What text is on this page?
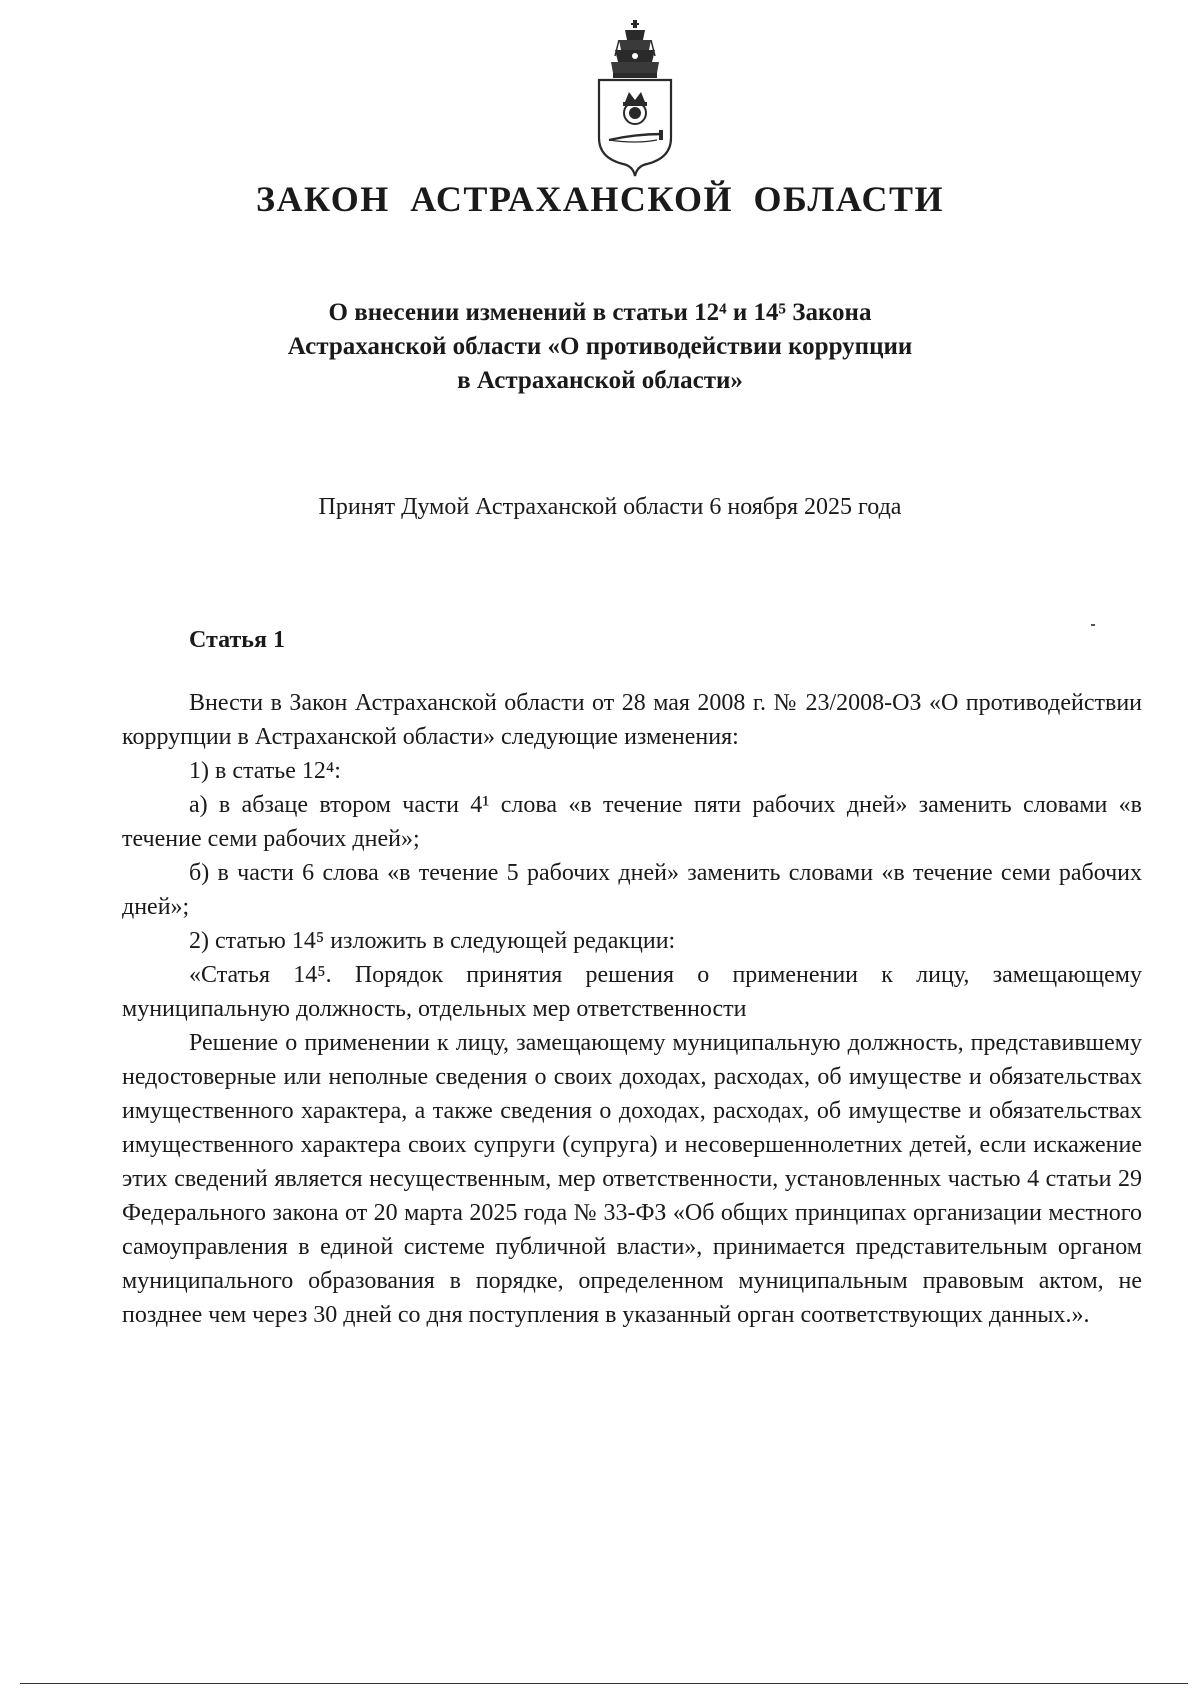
ЗАКОН АСТРАХАНСКОЙ ОБЛАСТИ
О внесении изменений в статьи 12⁴ и 14⁵ Закона
Астраханской области «О противодействии коррупции
в Астраханской области»
Принят Думой Астраханской области 6 ноября 2025 года
Статья 1

Внести в Закон Астраханской области от 28 мая 2008 г. № 23/2008-ОЗ «О противодействии коррупции в Астраханской области» следующие изменения:

1) в статье 12⁴:

а) в абзаце втором части 4¹ слова «в течение пяти рабочих дней» заменить словами «в течение семи рабочих дней»;

б) в части 6 слова «в течение 5 рабочих дней» заменить словами «в течение семи рабочих дней»;

2) статью 14⁵ изложить в следующей редакции:

«Статья 14⁵. Порядок принятия решения о применении к лицу, замещающему муниципальную должность, отдельных мер ответственности

Решение о применении к лицу, замещающему муниципальную должность, представившему недостоверные или неполные сведения о своих доходах, расходах, об имуществе и обязательствах имущественного характера, а также сведения о доходах, расходах, об имуществе и обязательствах имущественного характера своих супруги (супруга) и несовершеннолетних детей, если искажение этих сведений является несущественным, мер ответственности, установленных частью 4 статьи 29 Федерального закона от 20 марта 2025 года № 33-ФЗ «Об общих принципах организации местного самоуправления в единой системе публичной власти», принимается представительным органом муниципального образования в порядке, определенном муниципальным правовым актом, не позднее чем через 30 дней со дня поступления в указанный орган соответствующих данных.».
